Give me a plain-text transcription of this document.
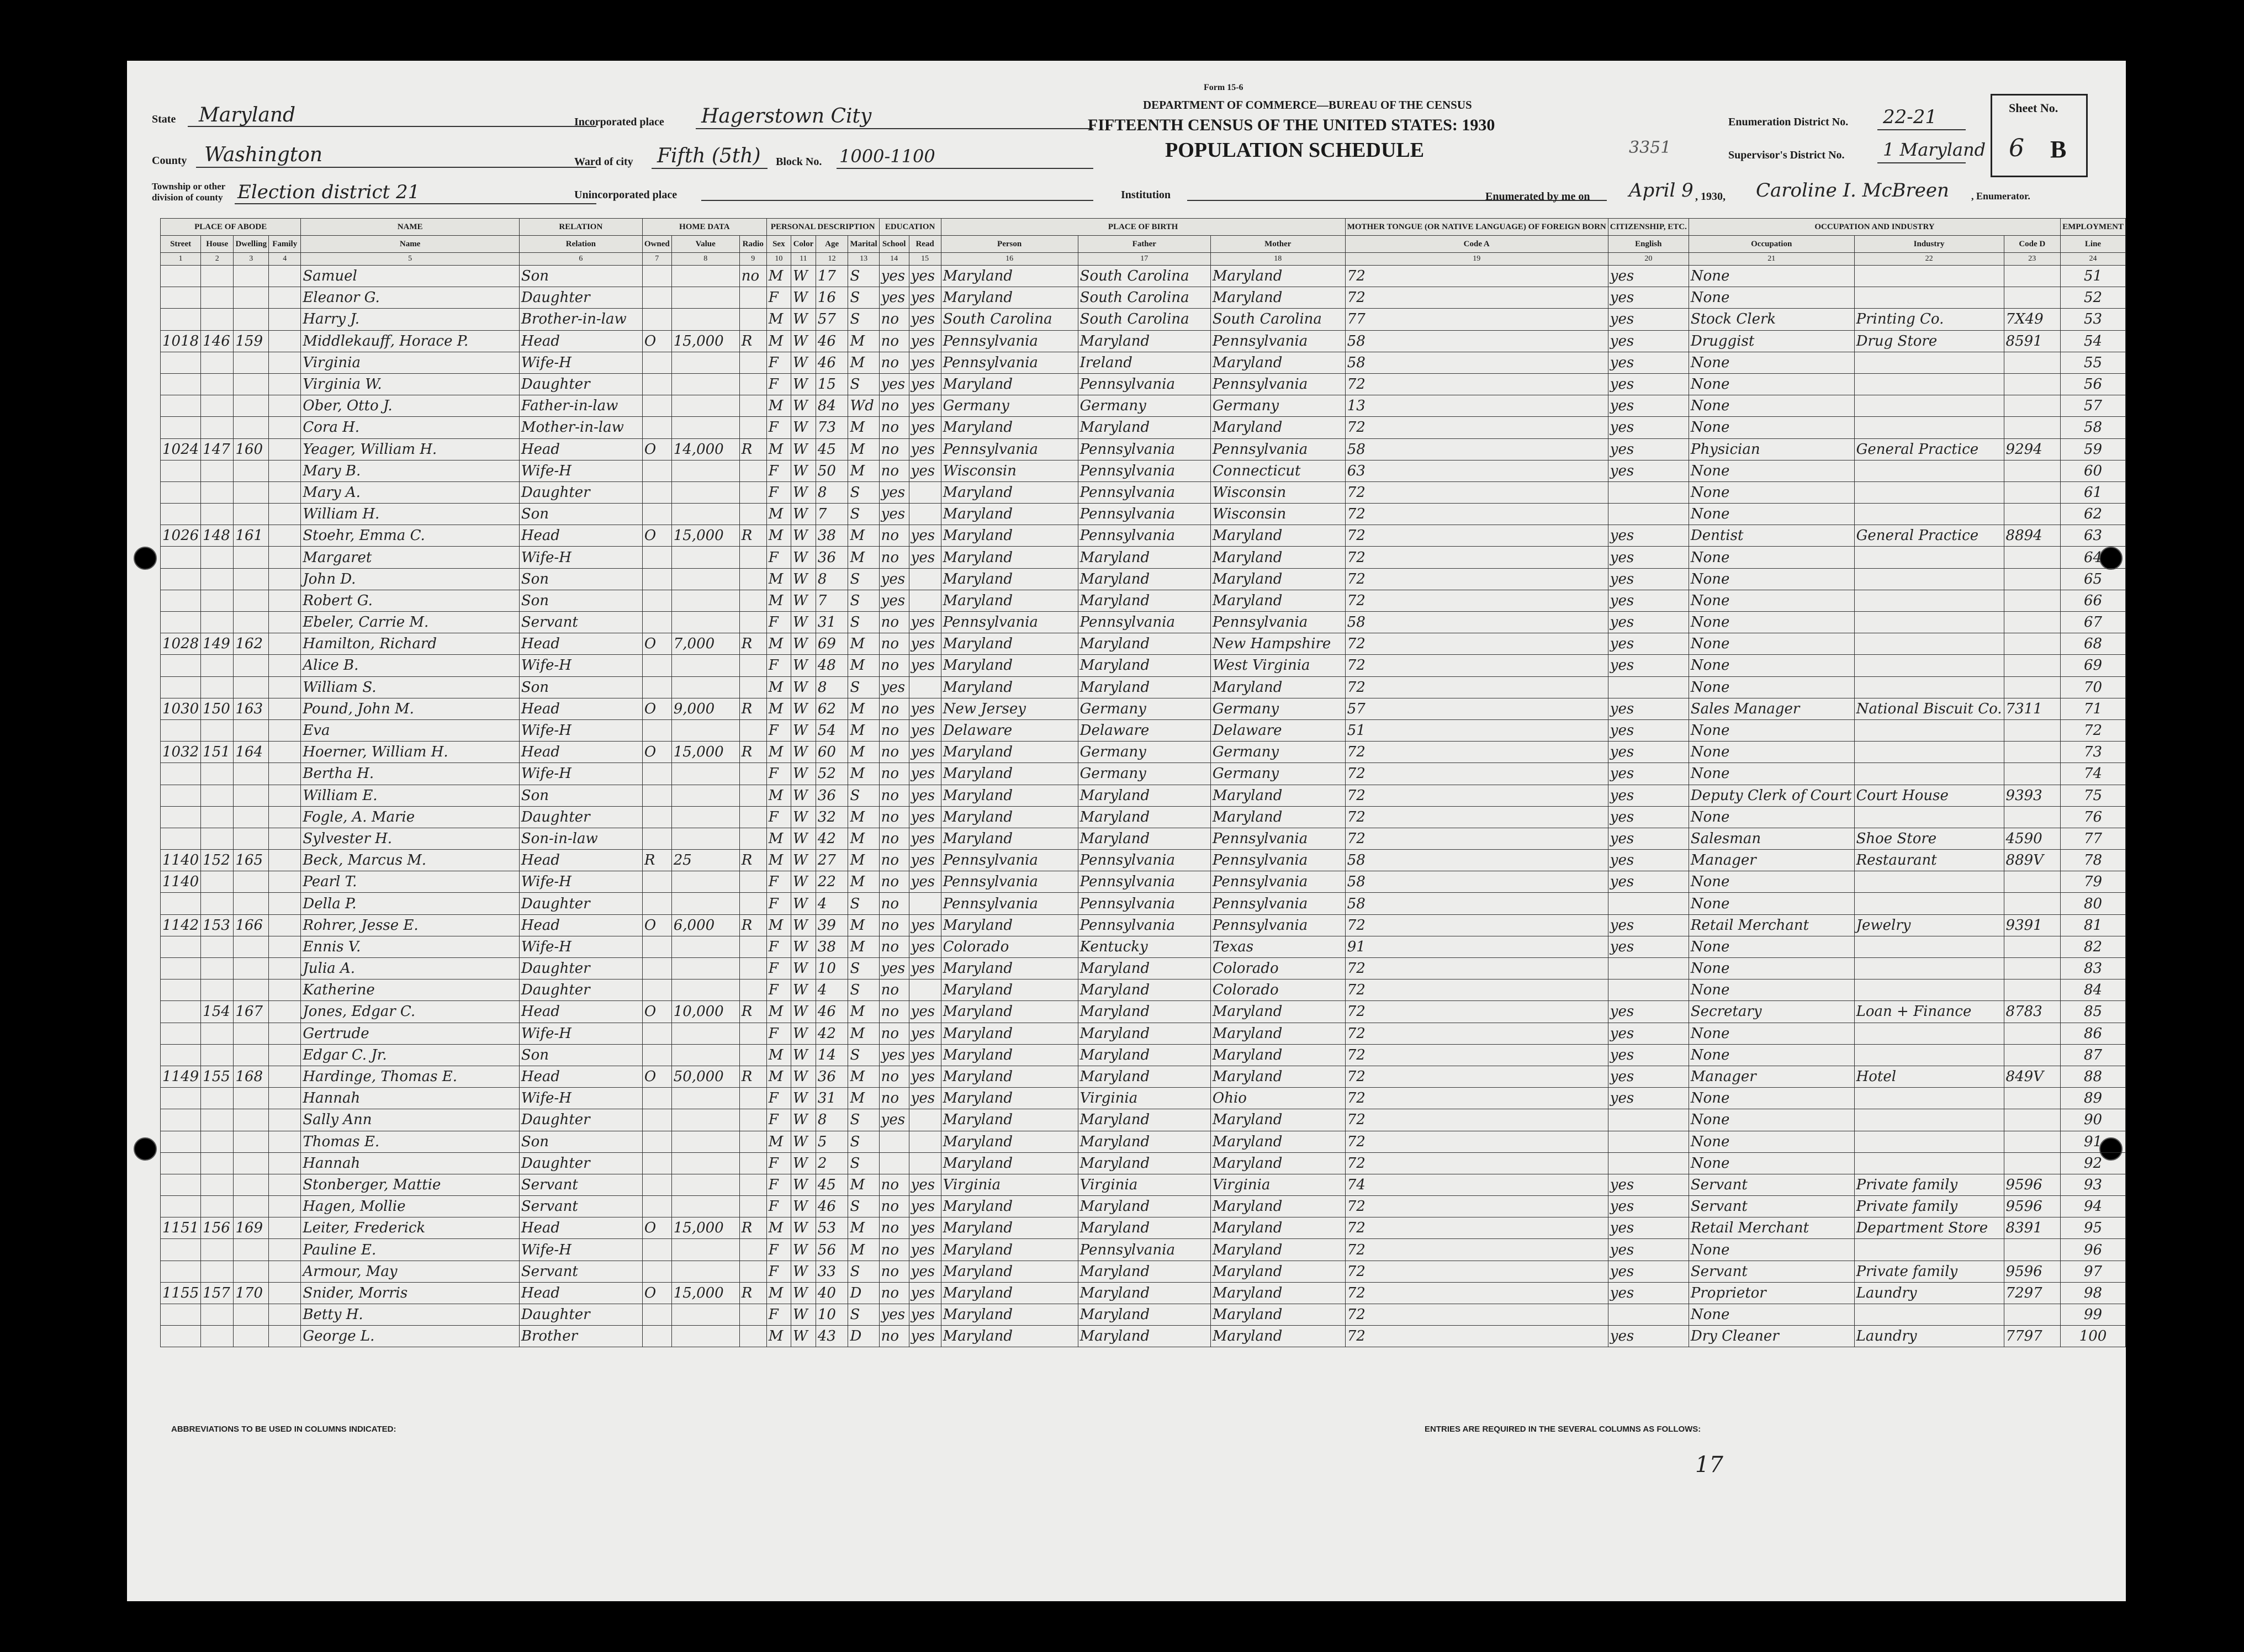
State Maryland
County Washington
Township or other division of county Election district 21
Incorporated place Hagerstown City
Ward of city Fifth (5th) Block No. 1000-1100
Unincorporated place
Form 15-6
DEPARTMENT OF COMMERCE—BUREAU OF THE CENSUS
FIFTEENTH CENSUS OF THE UNITED STATES: 1930
POPULATION SCHEDULE	3351
Institution
Enumeration District No. 22-21
Supervisor's District No. 1 Maryland
Sheet No.
6 B
Enumerated by me on April 9 , 1930, Caroline I. McBreen , Enumerator.
PLACE OF ABODE				NAME	RELATION	HOME DATA			PERSONAL DESCRIPTION				EDUCATION		PLACE OF BIRTH			MOTHER TONGUE (OR NATIVE LANGUAGE) OF FOREIGN BORN	CITIZENSHIP, ETC.	OCCUPATION AND INDUSTRY			EMPLOYMENT
Street	House	Dwelling	Family	Name	Relation	Owned	Value	Radio	Sex	Color	Age	Marital	School	Read	Person	Father	Mother	Code A	English	Occupation	Industry	Code D	Line
1	2	3	4	5	6	7	8	9	10	11	12	13	14	15	16	17	18	19	20	21	22	23	24
				Samuel	Son			no	M	W	17	S	yes	yes	Maryland	South Carolina	Maryland	72	yes	None			51
				Eleanor G.	Daughter				F	W	16	S	yes	yes	Maryland	South Carolina	Maryland	72	yes	None			52
				Harry J.	Brother-in-law				M	W	57	S	no	yes	South Carolina	South Carolina	South Carolina	77	yes	Stock Clerk	Printing Co.	7X49	53
1018	146	159		Middlekauff, Horace P.	Head	O	15,000	R	M	W	46	M	no	yes	Pennsylvania	Maryland	Pennsylvania	58	yes	Druggist	Drug Store	8591	54
				Virginia	Wife-H				F	W	46	M	no	yes	Pennsylvania	Ireland	Maryland	58	yes	None			55
				Virginia W.	Daughter				F	W	15	S	yes	yes	Maryland	Pennsylvania	Pennsylvania	72	yes	None			56
				Ober, Otto J.	Father-in-law				M	W	84	Wd	no	yes	Germany	Germany	Germany	13	yes	None			57
				Cora H.	Mother-in-law				F	W	73	M	no	yes	Maryland	Maryland	Maryland	72	yes	None			58
1024	147	160		Yeager, William H.	Head	O	14,000	R	M	W	45	M	no	yes	Pennsylvania	Pennsylvania	Pennsylvania	58	yes	Physician	General Practice	9294	59
				Mary B.	Wife-H				F	W	50	M	no	yes	Wisconsin	Pennsylvania	Connecticut	63	yes	None			60
				Mary A.	Daughter				F	W	8	S	yes		Maryland	Pennsylvania	Wisconsin	72		None			61
				William H.	Son				M	W	7	S	yes		Maryland	Pennsylvania	Wisconsin	72		None			62
1026	148	161		Stoehr, Emma C.	Head	O	15,000	R	M	W	38	M	no	yes	Maryland	Pennsylvania	Maryland	72	yes	Dentist	General Practice	8894	63
				Margaret	Wife-H				F	W	36	M	no	yes	Maryland	Maryland	Maryland	72	yes	None			64
				John D.	Son				M	W	8	S	yes		Maryland	Maryland	Maryland	72	yes	None			65
				Robert G.	Son				M	W	7	S	yes		Maryland	Maryland	Maryland	72	yes	None			66
				Ebeler, Carrie M.	Servant				F	W	31	S	no	yes	Pennsylvania	Pennsylvania	Pennsylvania	58	yes	None			67
1028	149	162		Hamilton, Richard	Head	O	7,000	R	M	W	69	M	no	yes	Maryland	Maryland	New Hampshire	72	yes	None			68
				Alice B.	Wife-H				F	W	48	M	no	yes	Maryland	Maryland	West Virginia	72	yes	None			69
				William S.	Son				M	W	8	S	yes		Maryland	Maryland	Maryland	72		None			70
1030	150	163		Pound, John M.	Head	O	9,000	R	M	W	62	M	no	yes	New Jersey	Germany	Germany	57	yes	Sales Manager	National Biscuit Co.	7311	71
				Eva	Wife-H				F	W	54	M	no	yes	Delaware	Delaware	Delaware	51	yes	None			72
1032	151	164		Hoerner, William H.	Head	O	15,000	R	M	W	60	M	no	yes	Maryland	Germany	Germany	72	yes	None			73
				Bertha H.	Wife-H				F	W	52	M	no	yes	Maryland	Germany	Germany	72	yes	None			74
				William E.	Son				M	W	36	S	no	yes	Maryland	Maryland	Maryland	72	yes	Deputy Clerk of Court	Court House	9393	75
				Fogle, A. Marie	Daughter				F	W	32	M	no	yes	Maryland	Maryland	Maryland	72	yes	None			76
				Sylvester H.	Son-in-law				M	W	42	M	no	yes	Maryland	Maryland	Pennsylvania	72	yes	Salesman	Shoe Store	4590	77
1140	152	165		Beck, Marcus M.	Head	R	25	R	M	W	27	M	no	yes	Pennsylvania	Pennsylvania	Pennsylvania	58	yes	Manager	Restaurant	889V	78
1140				Pearl T.	Wife-H				F	W	22	M	no	yes	Pennsylvania	Pennsylvania	Pennsylvania	58	yes	None			79
				Della P.	Daughter				F	W	4	S	no		Pennsylvania	Pennsylvania	Pennsylvania	58		None			80
1142	153	166		Rohrer, Jesse E.	Head	O	6,000	R	M	W	39	M	no	yes	Maryland	Pennsylvania	Pennsylvania	72	yes	Retail Merchant	Jewelry	9391	81
				Ennis V.	Wife-H				F	W	38	M	no	yes	Colorado	Kentucky	Texas	91	yes	None			82
				Julia A.	Daughter				F	W	10	S	yes	yes	Maryland	Maryland	Colorado	72		None			83
				Katherine	Daughter				F	W	4	S	no		Maryland	Maryland	Colorado	72		None			84
	154	167		Jones, Edgar C.	Head	O	10,000	R	M	W	46	M	no	yes	Maryland	Maryland	Maryland	72	yes	Secretary	Loan + Finance	8783	85
				Gertrude	Wife-H				F	W	42	M	no	yes	Maryland	Maryland	Maryland	72	yes	None			86
				Edgar C. Jr.	Son				M	W	14	S	yes	yes	Maryland	Maryland	Maryland	72	yes	None			87
1149	155	168		Hardinge, Thomas E.	Head	O	50,000	R	M	W	36	M	no	yes	Maryland	Maryland	Maryland	72	yes	Manager	Hotel	849V	88
				Hannah	Wife-H				F	W	31	M	no	yes	Maryland	Virginia	Ohio	72	yes	None			89
				Sally Ann	Daughter				F	W	8	S	yes		Maryland	Maryland	Maryland	72		None			90
				Thomas E.	Son				M	W	5	S			Maryland	Maryland	Maryland	72		None			91
				Hannah	Daughter				F	W	2	S			Maryland	Maryland	Maryland	72		None			92
				Stonberger, Mattie	Servant				F	W	45	M	no	yes	Virginia	Virginia	Virginia	74	yes	Servant	Private family	9596	93
				Hagen, Mollie	Servant				F	W	46	S	no	yes	Maryland	Maryland	Maryland	72	yes	Servant	Private family	9596	94
1151	156	169		Leiter, Frederick	Head	O	15,000	R	M	W	53	M	no	yes	Maryland	Maryland	Maryland	72	yes	Retail Merchant	Department Store	8391	95
				Pauline E.	Wife-H				F	W	56	M	no	yes	Maryland	Pennsylvania	Maryland	72	yes	None			96
				Armour, May	Servant				F	W	33	S	no	yes	Maryland	Maryland	Maryland	72	yes	Servant	Private family	9596	97
1155	157	170		Snider, Morris	Head	O	15,000	R	M	W	40	D	no	yes	Maryland	Maryland	Maryland	72	yes	Proprietor	Laundry	7297	98
				Betty H.	Daughter				F	W	10	S	yes	yes	Maryland	Maryland	Maryland	72		None			99
				George L.	Brother				M	W	43	D	no	yes	Maryland	Maryland	Maryland	72	yes	Dry Cleaner	Laundry	7797	100
ABBREVIATIONS TO BE USED IN COLUMNS INDICATED:	ENTRIES ARE REQUIRED IN THE SEVERAL COLUMNS AS FOLLOWS:
17
